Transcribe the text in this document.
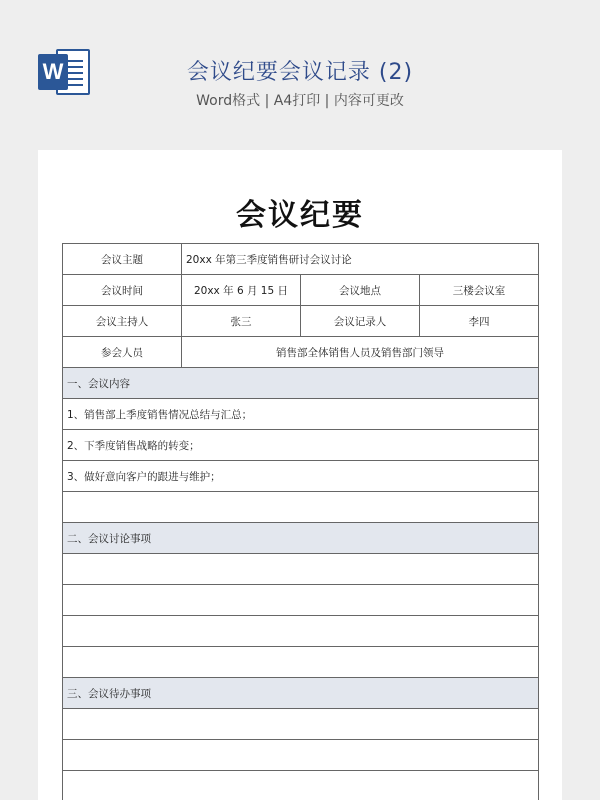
W	会议纪要会议记录 (2)
Word格式 | A4打印 | 内容可更改
会议纪要
会议主题	20xx 年第三季度销售研讨会议讨论		
会议时间	20xx 年 6 月 15 日	会议地点	三楼会议室
会议主持人	张三	会议记录人	李四
参会人员	销售部全体销售人员及销售部门领导		
一、会议内容			
1、销售部上季度销售情况总结与汇总；			
2、下季度销售战略的转变；			
3、做好意向客户的跟进与维护；			

二、会议讨论事项			

三、会议待办事项			
